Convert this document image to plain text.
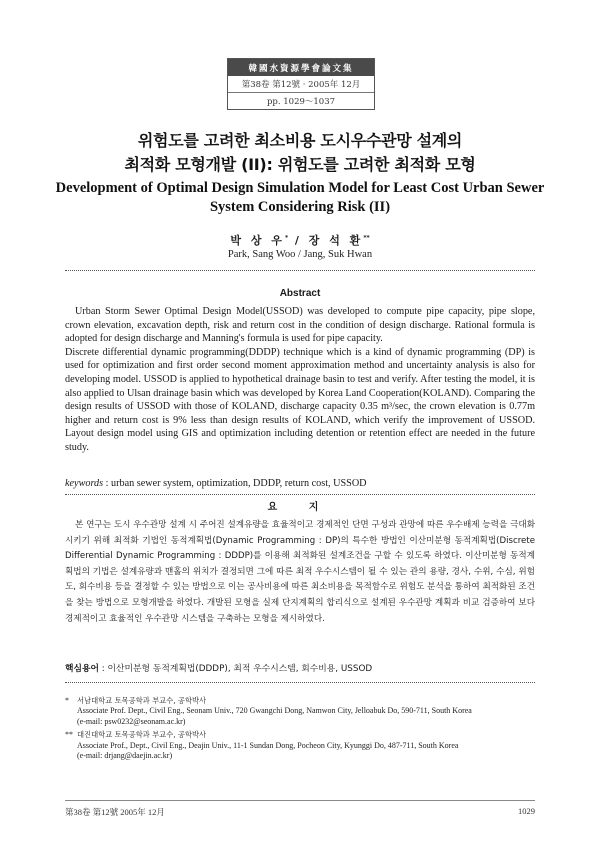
韓國水資源學會論文集
第38卷 第12號 · 2005年 12月
pp. 1029～1037
위험도를 고려한 최소비용 도시우수관망 설계의
최적화 모형개발 (II): 위험도를 고려한 최적화 모형
Development of Optimal Design Simulation Model for Least Cost Urban Sewer
System Considering Risk (II)
박 상 우* / 장 석 환**
Park, Sang Woo / Jang, Suk Hwan
Abstract

Urban Storm Sewer Optimal Design Model(USSOD) was developed to compute pipe capacity, pipe slope, crown elevation, excavation depth, risk and return cost in the condition of design discharge. Rational formula is adopted for design discharge and Manning's formula is used for pipe capacity.

Discrete differential dynamic programming(DDDP) technique which is a kind of dynamic programming (DP) is used for optimization and first order second moment approximation method and uncertainty analysis is also for developing model. USSOD is applied to hypothetical drainage basin to test and verify. After testing the model, it is also applied to Ulsan drainage basin which was developed by Korea Land Cooperation(KOLAND). Comparing the design results of USSOD with those of KOLAND, discharge capacity 0.35 m³/sec, the crown elevation is 0.77m higher and return cost is 9% less than design results of KOLAND, which verify the improvement of USSOD. Layout design model using GIS and optimization including detention or retention effect are needed in the future study.

keywords : urban sewer system, optimization, DDDP, return cost, USSOD
요 지

본 연구는 도시 우수관망 설계 시 주어진 설계유량을 효율적이고 경제적인 단면 구성과 관망에 따른 우수배제 능력을 극대화시키기 위해 최적화 기법인 동적계획법(Dynamic Programming : DP)의 특수한 방법인 이산미분형 동적계획법(Discrete Differential Dynamic Programming : DDDP)를 이용해 최적화된 설계조건을 구할 수 있도록 하였다. 이산미분형 동적계획법의 기법은 설계유량과 맨홀의 위치가 결정되면 그에 따른 최적 우수시스템이 될 수 있는 관의 용량, 경사, 수위, 수심, 위험도, 회수비용 등을 결정할 수 있는 방법으로 이는 공사비용에 따른 최소비용을 목적함수로 위험도 분석을 통하여 최적화된 조건을 찾는 방법으로 모형개발을 하였다. 개발된 모형을 실제 단지계획의 합리식으로 설계된 우수관망 계획과 비교 검증하여 보다 경제적이고 효율적인 우수관망 시스템을 구축하는 모형을 제시하였다.

핵심용어 : 이산미분형 동적계획법(DDDP), 최적 우수시스템, 회수비용, USSOD
* 서남대학교 토목공학과 부교수, 공학박사
Associate Prof. Dept., Civil Eng., Seonam Univ., 720 Gwangchi Dong, Namwon City, Jelloabuk Do, 590-711, South Korea
(e-mail: psw0232@seonam.ac.kr)
** 대진대학교 토목공학과 부교수, 공학박사
Associate Prof., Dept., Civil Eng., Deajin Univ., 11-1 Sundan Dong, Pocheon City, Kyunggi Do, 487-711, South Korea
(e-mail: drjang@daejin.ac.kr)
第38卷 第12號 2005年 12月	1029
